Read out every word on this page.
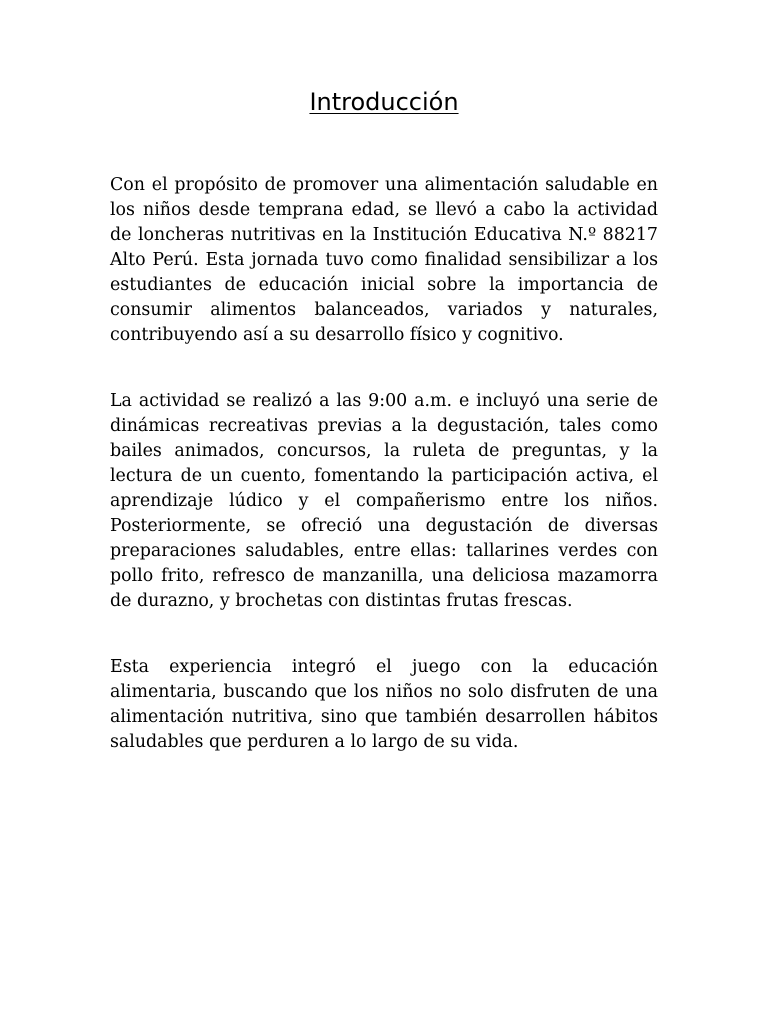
Introducción

Con el propósito de promover una alimentación saludable en los niños desde temprana edad, se llevó a cabo la actividad de loncheras nutritivas en la Institución Educativa N.º 88217 Alto Perú. Esta jornada tuvo como finalidad sensibilizar a los estudiantes de educación inicial sobre la importancia de consumir alimentos balanceados, variados y naturales, contribuyendo así a su desarrollo físico y cognitivo.

La actividad se realizó a las 9:00 a.m. e incluyó una serie de dinámicas recreativas previas a la degustación, tales como bailes animados, concursos, la ruleta de preguntas, y la lectura de un cuento, fomentando la participación activa, el aprendizaje lúdico y el compañerismo entre los niños. Posteriormente, se ofreció una degustación de diversas preparaciones saludables, entre ellas: tallarines verdes con pollo frito, refresco de manzanilla, una deliciosa mazamorra de durazno, y brochetas con distintas frutas frescas.

Esta experiencia integró el juego con la educación alimentaria, buscando que los niños no solo disfruten de una alimentación nutritiva, sino que también desarrollen hábitos saludables que perduren a lo largo de su vida.
